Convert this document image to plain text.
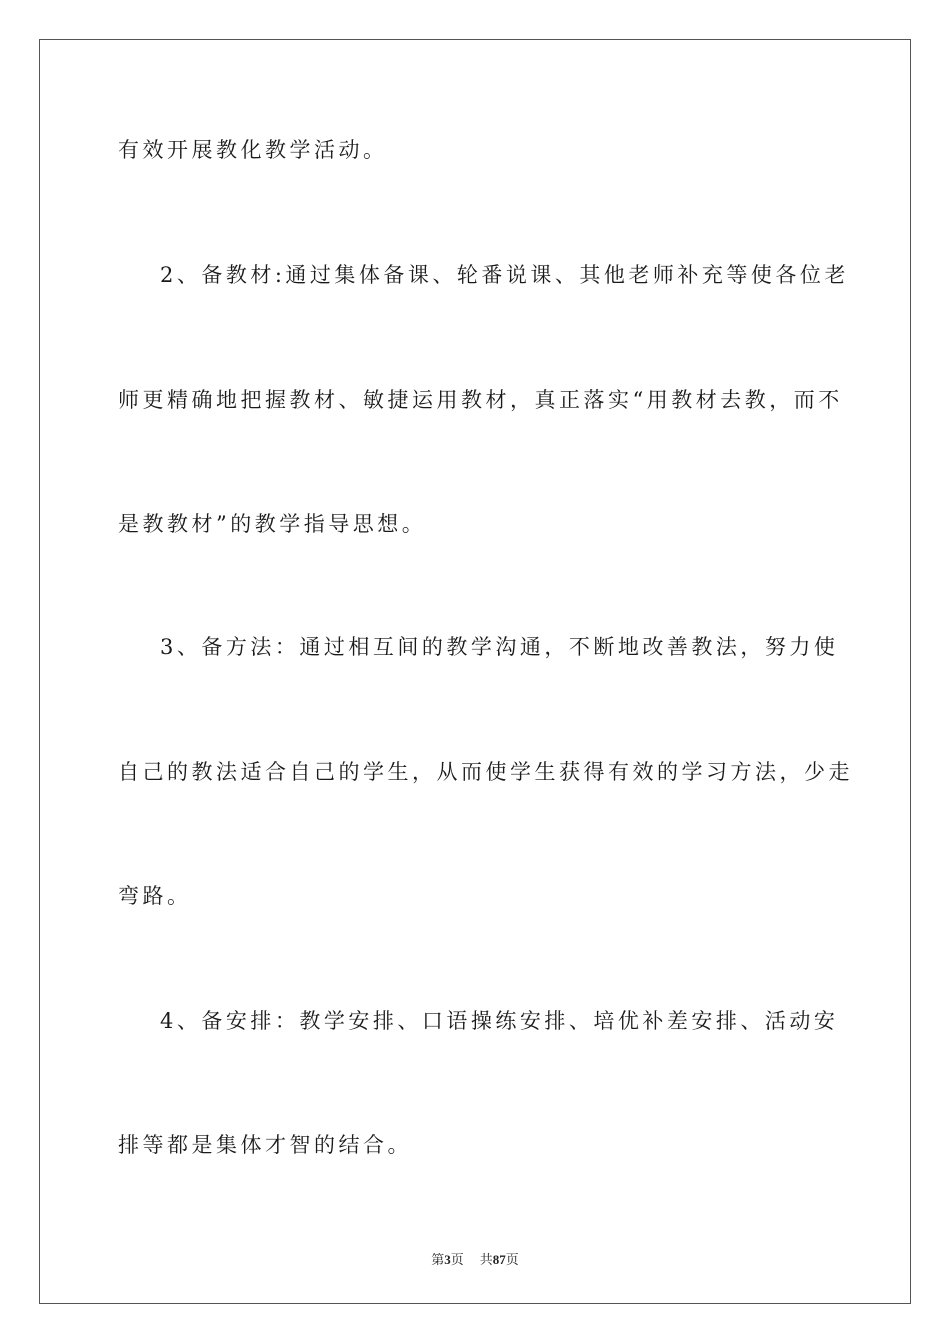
有效开展教化教学活动。
2、备教材:通过集体备课、轮番说课、其他老师补充等使各位老
师更精确地把握教材、敏捷运用教材，真正落实“用教材去教，而不
是教教材”的教学指导思想。
3、备方法：通过相互间的教学沟通，不断地改善教法，努力使
自己的教法适合自己的学生，从而使学生获得有效的学习方法，少走
弯路。
4、备安排：教学安排、口语操练安排、培优补差安排、活动安
排等都是集体才智的结合。
第3页 共87页
